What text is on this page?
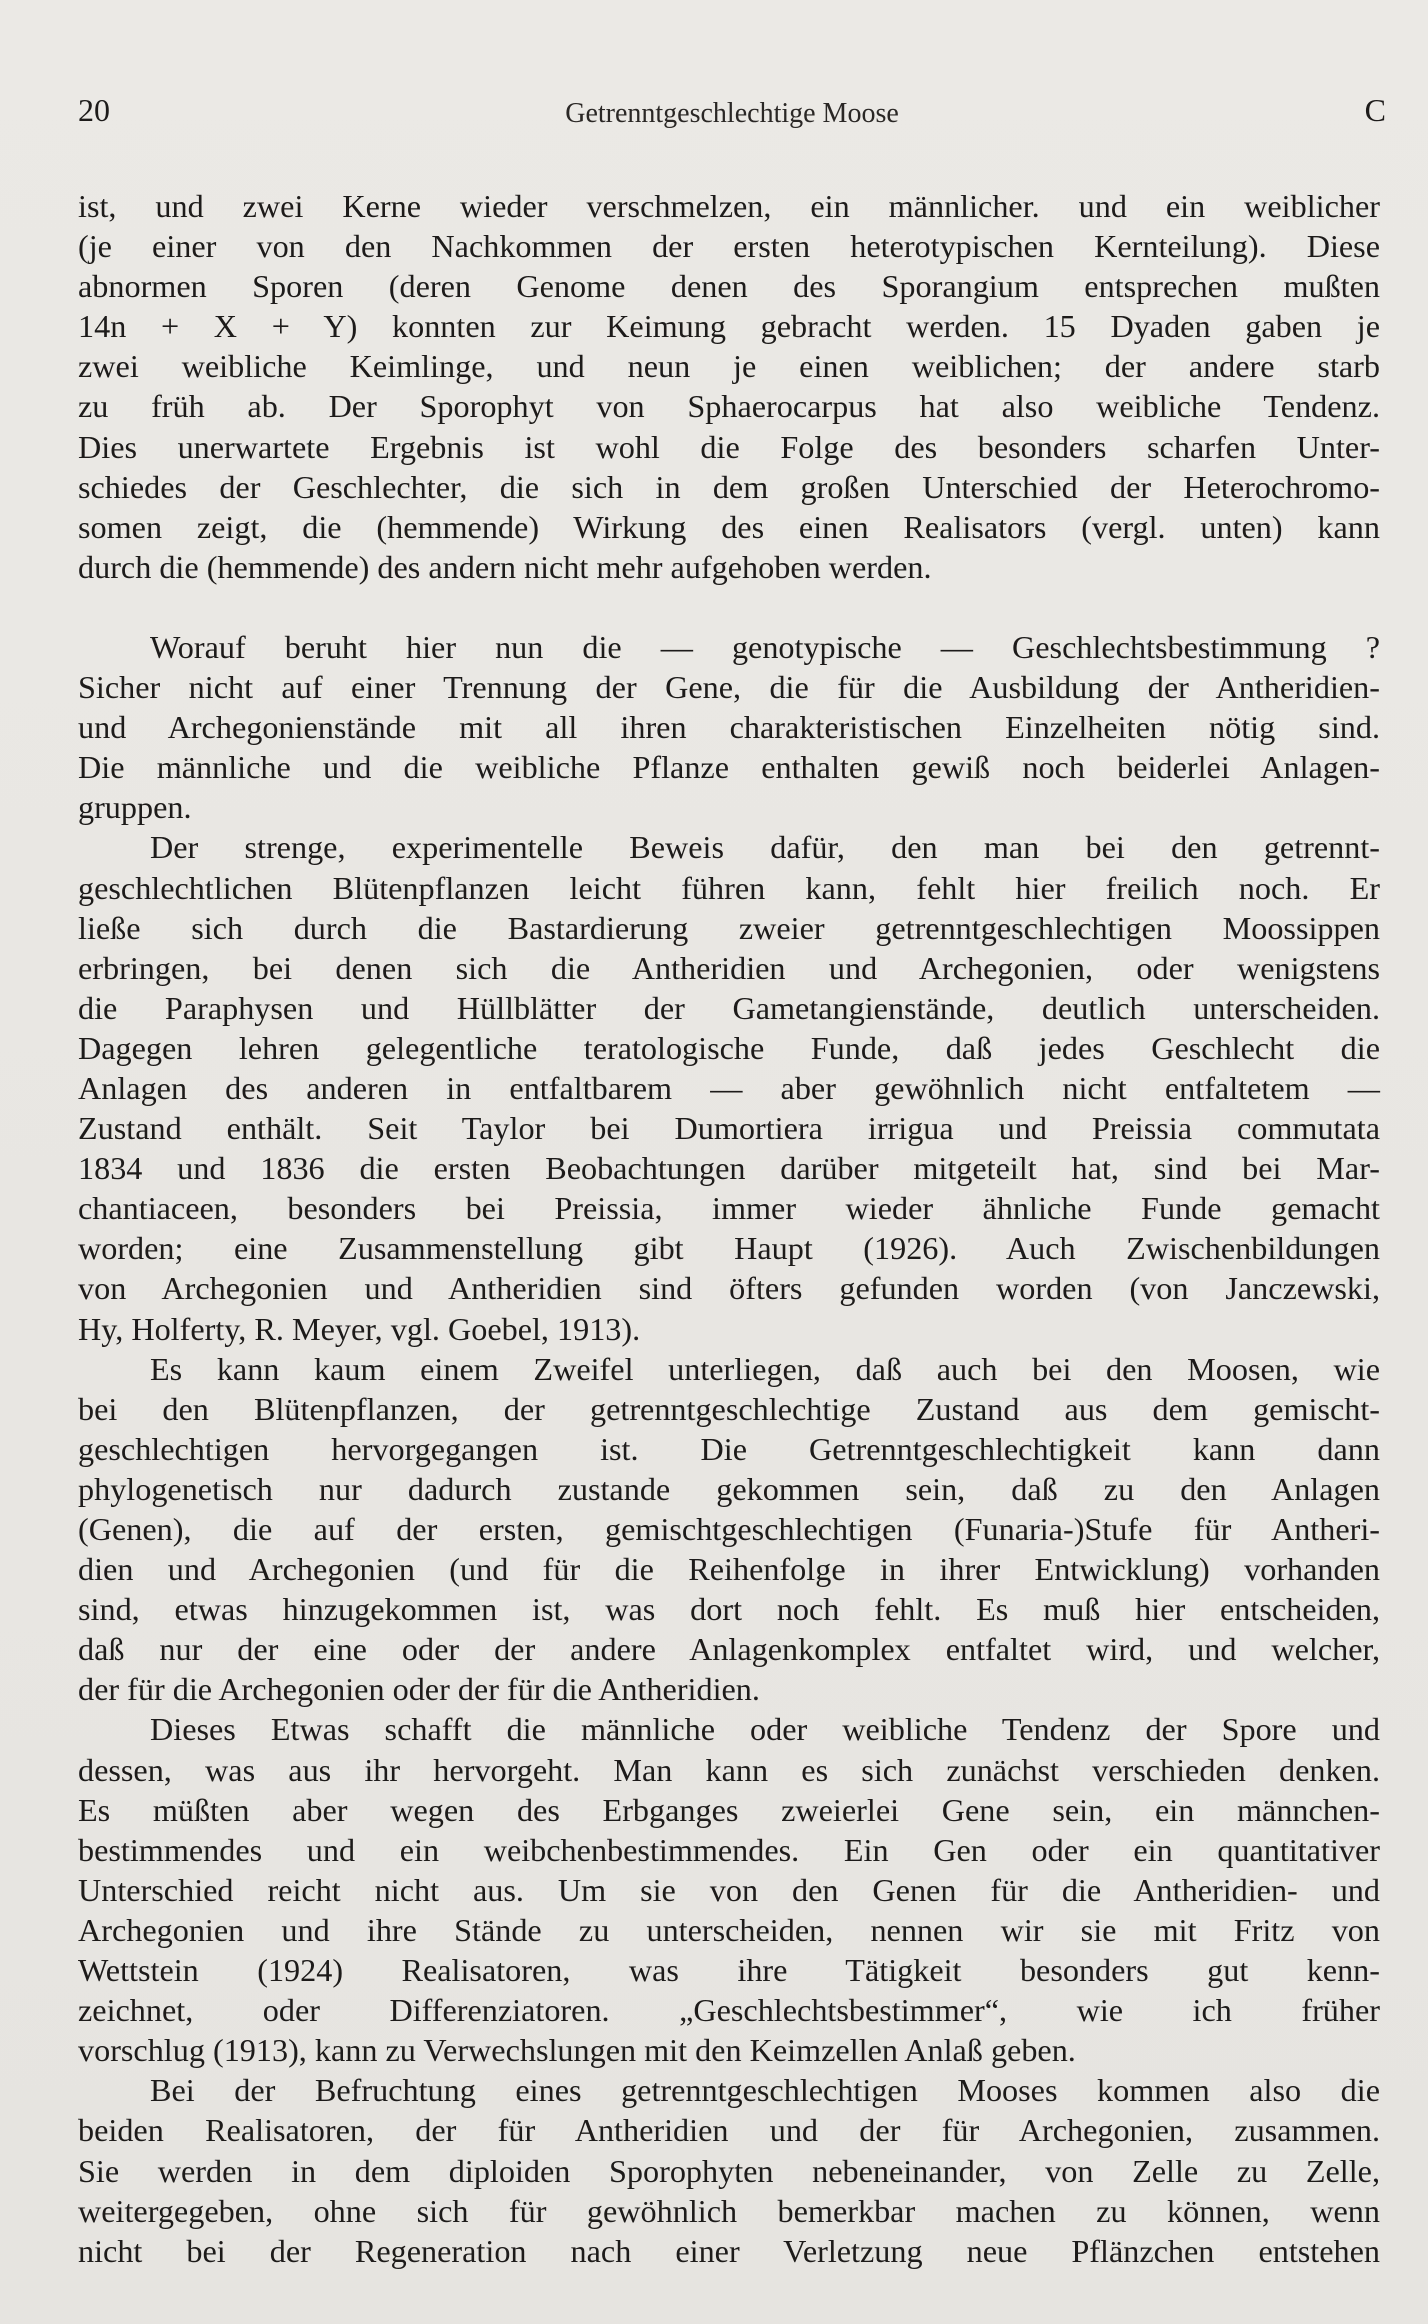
20	Getrenntgeschlechtige Moose	C
ist, und zwei Kerne wieder verschmelzen, ein männlicher. und ein weiblicher
(je einer von den Nachkommen der ersten heterotypischen Kernteilung). Diese
abnormen Sporen (deren Genome denen des Sporangium entsprechen mußten
14n + X + Y) konnten zur Keimung gebracht werden. 15 Dyaden gaben je
zwei weibliche Keimlinge, und neun je einen weiblichen; der andere starb
zu früh ab. Der Sporophyt von Sphaerocarpus hat also weibliche Tendenz.
Dies unerwartete Ergebnis ist wohl die Folge des besonders scharfen Unter-
schiedes der Geschlechter, die sich in dem großen Unterschied der Heterochromo-
somen zeigt, die (hemmende) Wirkung des einen Realisators (vergl. unten) kann
durch die (hemmende) des andern nicht mehr aufgehoben werden.
Worauf beruht hier nun die — genotypische — Geschlechtsbestimmung ?
Sicher nicht auf einer Trennung der Gene, die für die Ausbildung der Antheridien-
und Archegonienstände mit all ihren charakteristischen Einzelheiten nötig sind.
Die männliche und die weibliche Pflanze enthalten gewiß noch beiderlei Anlagen-
gruppen.
Der strenge, experimentelle Beweis dafür, den man bei den getrennt-
geschlechtlichen Blütenpflanzen leicht führen kann, fehlt hier freilich noch. Er
ließe sich durch die Bastardierung zweier getrenntgeschlechtigen Moossippen
erbringen, bei denen sich die Antheridien und Archegonien, oder wenigstens
die Paraphysen und Hüllblätter der Gametangienstände, deutlich unterscheiden.
Dagegen lehren gelegentliche teratologische Funde, daß jedes Geschlecht die
Anlagen des anderen in entfaltbarem — aber gewöhnlich nicht entfaltetem —
Zustand enthält. Seit Taylor bei Dumortiera irrigua und Preissia commutata
1834 und 1836 die ersten Beobachtungen darüber mitgeteilt hat, sind bei Mar-
chantiaceen, besonders bei Preissia, immer wieder ähnliche Funde gemacht
worden; eine Zusammenstellung gibt Haupt (1926). Auch Zwischenbildungen
von Archegonien und Antheridien sind öfters gefunden worden (von Janczewski,
Hy, Holferty, R. Meyer, vgl. Goebel, 1913).
Es kann kaum einem Zweifel unterliegen, daß auch bei den Moosen, wie
bei den Blütenpflanzen, der getrenntgeschlechtige Zustand aus dem gemischt-
geschlechtigen hervorgegangen ist. Die Getrenntgeschlechtigkeit kann dann
phylogenetisch nur dadurch zustande gekommen sein, daß zu den Anlagen
(Genen), die auf der ersten, gemischtgeschlechtigen (Funaria-)Stufe für Antheri-
dien und Archegonien (und für die Reihenfolge in ihrer Entwicklung) vorhanden
sind, etwas hinzugekommen ist, was dort noch fehlt. Es muß hier entscheiden,
daß nur der eine oder der andere Anlagenkomplex entfaltet wird, und welcher,
der für die Archegonien oder der für die Antheridien.
Dieses Etwas schafft die männliche oder weibliche Tendenz der Spore und
dessen, was aus ihr hervorgeht. Man kann es sich zunächst verschieden denken.
Es müßten aber wegen des Erbganges zweierlei Gene sein, ein männchen-
bestimmendes und ein weibchenbestimmendes. Ein Gen oder ein quantitativer
Unterschied reicht nicht aus. Um sie von den Genen für die Antheridien- und
Archegonien und ihre Stände zu unterscheiden, nennen wir sie mit Fritz von
Wettstein (1924) Realisatoren, was ihre Tätigkeit besonders gut kenn-
zeichnet, oder Differenziatoren. „Geschlechtsbestimmer“, wie ich früher
vorschlug (1913), kann zu Verwechslungen mit den Keimzellen Anlaß geben.
Bei der Befruchtung eines getrenntgeschlechtigen Mooses kommen also die
beiden Realisatoren, der für Antheridien und der für Archegonien, zusammen.
Sie werden in dem diploiden Sporophyten nebeneinander, von Zelle zu Zelle,
weitergegeben, ohne sich für gewöhnlich bemerkbar machen zu können, wenn
nicht bei der Regeneration nach einer Verletzung neue Pflänzchen entstehen
